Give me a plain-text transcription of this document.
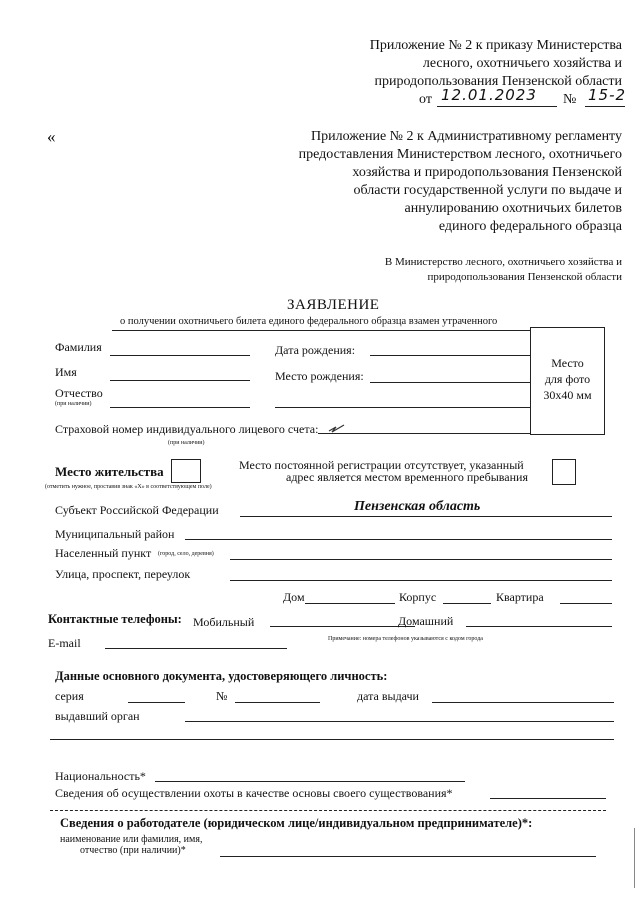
Приложение № 2 к приказу Министерства
лесного, охотничьего хозяйства и
природопользования Пензенской области
от 12.01.2023 № 15-2
«	Приложение № 2 к Административному регламенту
предоставления Министерством лесного, охотничьего
хозяйства и природопользования Пензенской
области государственной услуги по выдаче и
аннулированию охотничьих билетов
единого федерального образца
В Министерство лесного, охотничьего хозяйства и
природопользования Пензенской области
ЗАЯВЛЕНИЕ
о получении охотничьего билета единого федерального образца взамен утраченного
Место
для фото
30х40 мм
Фамилия	Дата рождения:
Имя	Место рождения:
Отчество
(при наличии)
Страховой номер индивидуального лицевого счета:
(при наличии)
Место жительства
(отметить нужное, проставив знак «Х» в соответствующем поле)
Место постоянной регистрации отсутствует, указанный
адрес является местом временного пребывания
Субъект Российской Федерации	Пензенская область
Муниципальный район
Населенный пункт (город, село, деревня)
Улица, проспект, переулок
Дом	Корпус	Квартира
Контактные телефоны: Мобильный	Домашний
E-mail	Примечание: номера телефонов указываются с кодом города
Данные основного документа, удостоверяющего личность:
серия	№	дата выдачи
выдавший орган
Национальность*
Сведения об осуществлении охоты в качестве основы своего существования*
Сведения о работодателе (юридическом лице/индивидуальном предпринимателе)*:
наименование или фамилия, имя,
отчество (при наличии)*
